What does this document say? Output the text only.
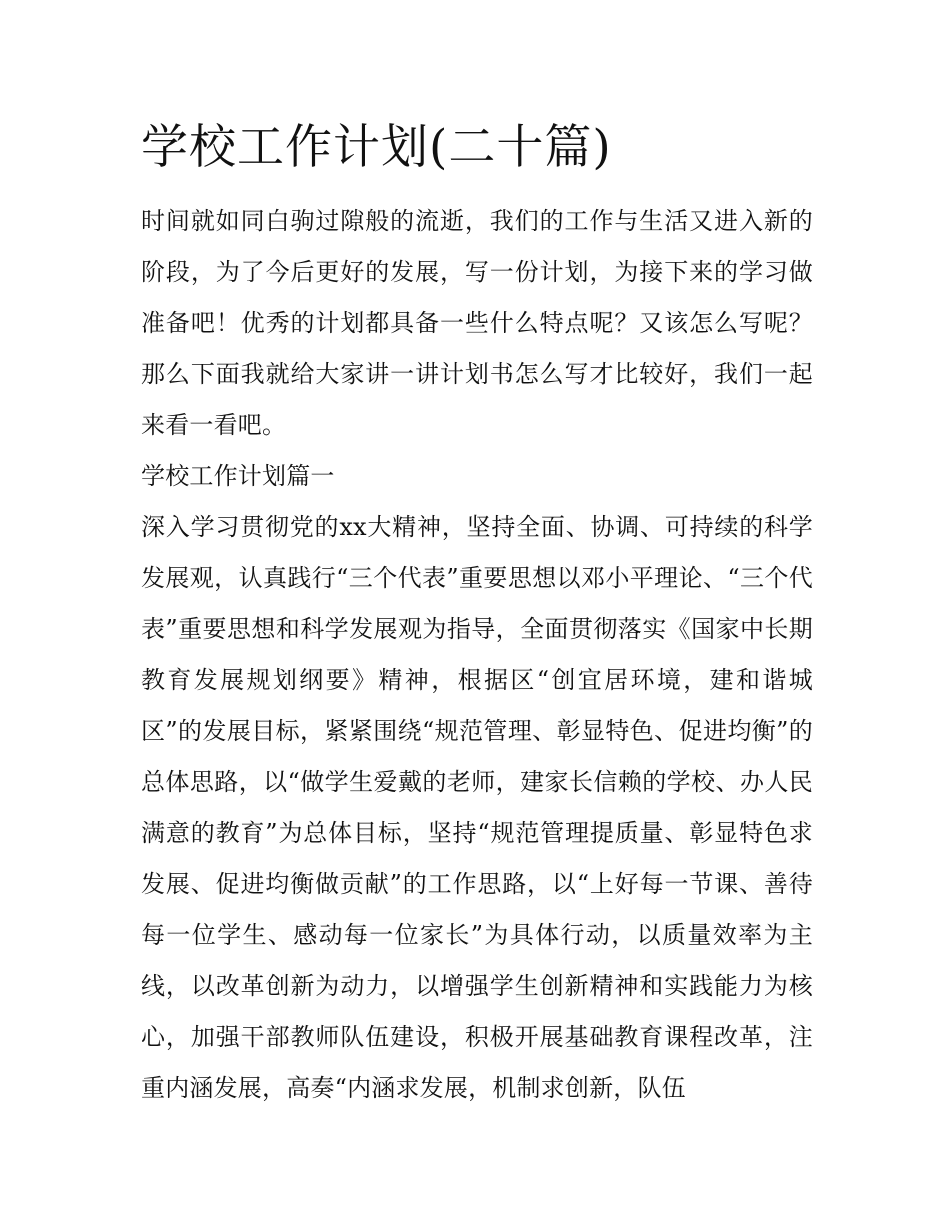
学校工作计划(二十篇)

时间就如同白驹过隙般的流逝，我们的工作与生活又进入新的阶段，为了今后更好的发展，写一份计划，为接下来的学习做准备吧！优秀的计划都具备一些什么特点呢？又该怎么写呢？那么下面我就给大家讲一讲计划书怎么写才比较好，我们一起来看一看吧。

学校工作计划篇一

深入学习贯彻党的xx大精神，坚持全面、协调、可持续的科学发展观，认真践行“三个代表”重要思想以邓小平理论、“三个代表”重要思想和科学发展观为指导，全面贯彻落实《国家中长期教育发展规划纲要》精神，根据区“创宜居环境，建和谐城区”的发展目标，紧紧围绕“规范管理、彰显特色、促进均衡”的总体思路，以“做学生爱戴的老师，建家长信赖的学校、办人民满意的教育”为总体目标，坚持“规范管理提质量、彰显特色求发展、促进均衡做贡献”的工作思路，以“上好每一节课、善待每一位学生、感动每一位家长”为具体行动，以质量效率为主线，以改革创新为动力，以增强学生创新精神和实践能力为核心，加强干部教师队伍建设，积极开展基础教育课程改革，注重内涵发展，高奏“内涵求发展，机制求创新，队伍
